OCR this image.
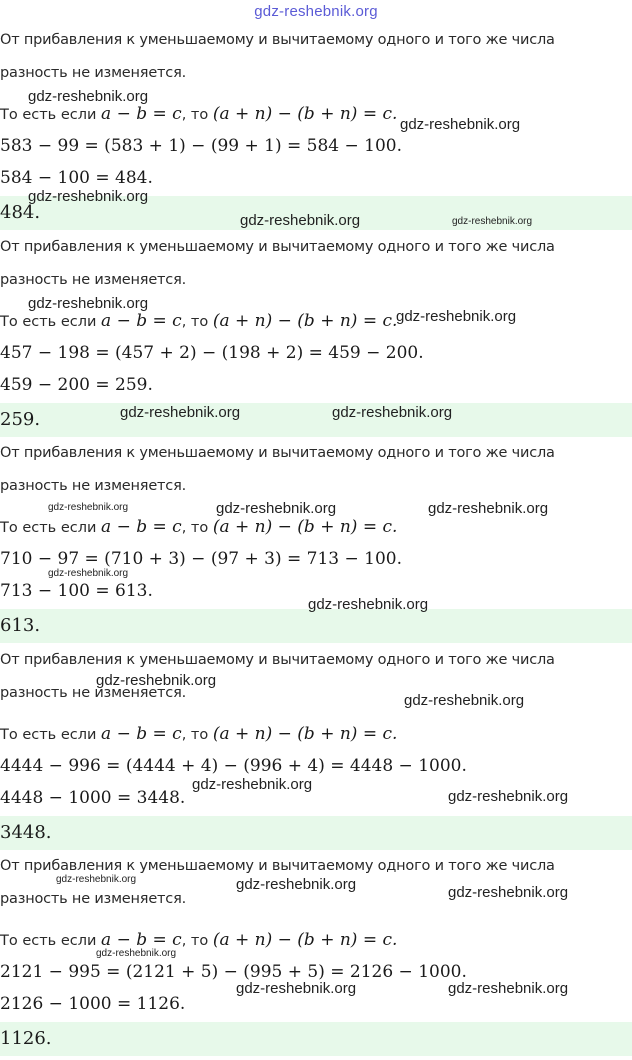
gdz-reshebnik.org
От прибавления к уменьшаемому и вычитаемому одного и того же числа
разность не изменяется.
То есть если a − b = c, то (a + n) − (b + n) = c.
583 − 99 = (583 + 1) − (99 + 1) = 584 − 100.
584 − 100 = 484.
484.
gdz-reshebnik.org
gdz-reshebnik.org
gdz-reshebnik.org
gdz-reshebnik.org	gdz-reshebnik.org
От прибавления к уменьшаемому и вычитаемому одного и того же числа
разность не изменяется.
То есть если a − b = c, то (a + n) − (b + n) = c.
457 − 198 = (457 + 2) − (198 + 2) = 459 − 200.
459 − 200 = 259.
259.
gdz-reshebnik.org
gdz-reshebnik.org
gdz-reshebnik.org	gdz-reshebnik.org
От прибавления к уменьшаемому и вычитаемому одного и того же числа
разность не изменяется.
То есть если a − b = c, то (a + n) − (b + n) = c.
710 − 97 = (710 + 3) − (97 + 3) = 713 − 100.
713 − 100 = 613.
613.
gdz-reshebnik.org	gdz-reshebnik.org	gdz-reshebnik.org
gdz-reshebnik.org
gdz-reshebnik.org
От прибавления к уменьшаемому и вычитаемому одного и того же числа
разность не изменяется.
То есть если a − b = c, то (a + n) − (b + n) = c.
4444 − 996 = (4444 + 4) − (996 + 4) = 4448 − 1000.
4448 − 1000 = 3448.
3448.
gdz-reshebnik.org
gdz-reshebnik.org
gdz-reshebnik.org
gdz-reshebnik.org
От прибавления к уменьшаемому и вычитаемому одного и того же числа
разность не изменяется.
То есть если a − b = c, то (a + n) − (b + n) = c.
2121 − 995 = (2121 + 5) − (995 + 5) = 2126 − 1000.
2126 − 1000 = 1126.
1126.
gdz-reshebnik.org	gdz-reshebnik.org	gdz-reshebnik.org
gdz-reshebnik.org
gdz-reshebnik.org	gdz-reshebnik.org
